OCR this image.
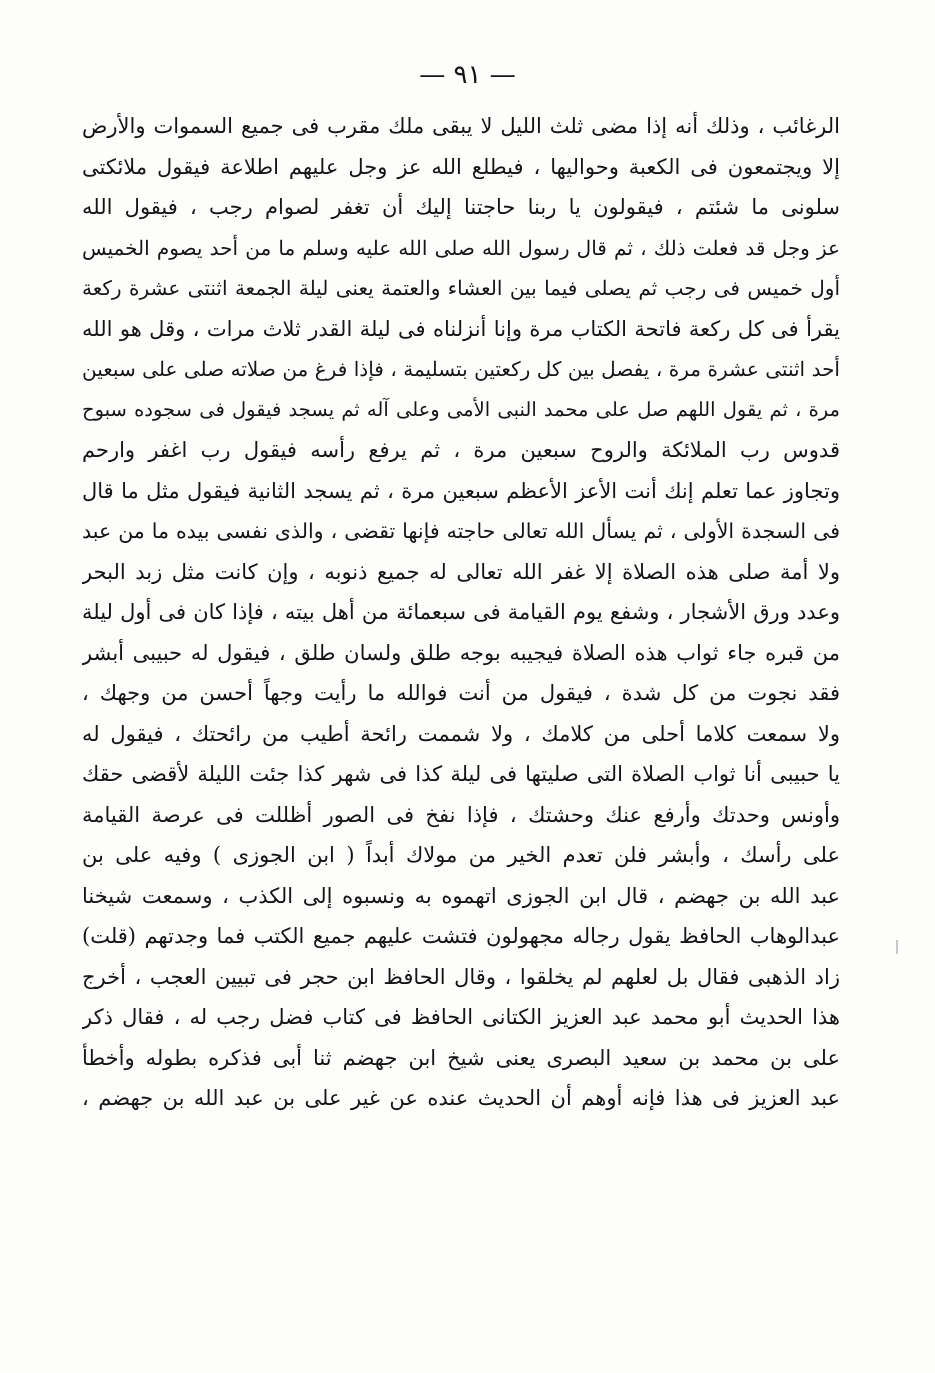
— ٩١ —
الرغائب ، وذلك أنه إذا مضى ثلث الليل لا يبقى ملك مقرب فى جميع السموات والأرض
إلا ويجتمعون فى الكعبة وحواليها ، فيطلع الله عز وجل عليهم اطلاعة فيقول ملائكتى
سلونى ما شئتم ، فيقولون يا ربنا حاجتنا إليك أن تغفر لصوام رجب ، فيقول الله
عز وجل قد فعلت ذلك ، ثم قال رسول الله صلى الله عليه وسلم ما من أحد يصوم الخميس
أول خميس فى رجب ثم يصلى فيما بين العشاء والعتمة يعنى ليلة الجمعة اثنتى عشرة ركعة
يقرأ فى كل ركعة فاتحة الكتاب مرة وإنا أنزلناه فى ليلة القدر ثلاث مرات ، وقل هو الله
أحد اثنتى عشرة مرة ، يفصل بين كل ركعتين بتسليمة ، فإذا فرغ من صلاته صلى على سبعين
مرة ، ثم يقول اللهم صل على محمد النبى الأمى وعلى آله ثم يسجد فيقول فى سجوده سبوح
قدوس رب الملائكة والروح سبعين مرة ، ثم يرفع رأسه فيقول رب اغفر وارحم
وتجاوز عما تعلم إنك أنت الأعز الأعظم سبعين مرة ، ثم يسجد الثانية فيقول مثل ما قال
فى السجدة الأولى ، ثم يسأل الله تعالى حاجته فإنها تقضى ، والذى نفسى بيده ما من عبد
ولا أمة صلى هذه الصلاة إلا غفر الله تعالى له جميع ذنوبه ، وإن كانت مثل زبد البحر
وعدد ورق الأشجار ، وشفع يوم القيامة فى سبعمائة من أهل بيته ، فإذا كان فى أول ليلة
من قبره جاء ثواب هذه الصلاة فيجيبه بوجه طلق ولسان طلق ، فيقول له حبيبى أبشر
فقد نجوت من كل شدة ، فيقول من أنت فوالله ما رأيت وجهاً أحسن من وجهك ،
ولا سمعت كلاما أحلى من كلامك ، ولا شممت رائحة أطيب من رائحتك ، فيقول له
يا حبيبى أنا ثواب الصلاة التى صليتها فى ليلة كذا فى شهر كذا جئت الليلة لأقضى حقك
وأونس وحدتك وأرفع عنك وحشتك ، فإذا نفخ فى الصور أظللت فى عرصة القيامة
على رأسك ، وأبشر فلن تعدم الخير من مولاك أبداً ( ابن الجوزى ) وفيه على بن
عبد الله بن جهضم ، قال ابن الجوزى اتهموه به ونسبوه إلى الكذب ، وسمعت شيخنا
عبدالوهاب الحافظ يقول رجاله مجهولون فتشت عليهم جميع الكتب فما وجدتهم (قلت)
زاد الذهبى فقال بل لعلهم لم يخلقوا ، وقال الحافظ ابن حجر فى تبيين العجب ، أخرج
هذا الحديث أبو محمد عبد العزيز الكتانى الحافظ فى كتاب فضل رجب له ، فقال ذكر
على بن محمد بن سعيد البصرى يعنى شيخ ابن جهضم ثنا أبى فذكره بطوله وأخطأ
عبد العزيز فى هذا فإنه أوهم أن الحديث عنده عن غير على بن عبد الله بن جهضم ،
